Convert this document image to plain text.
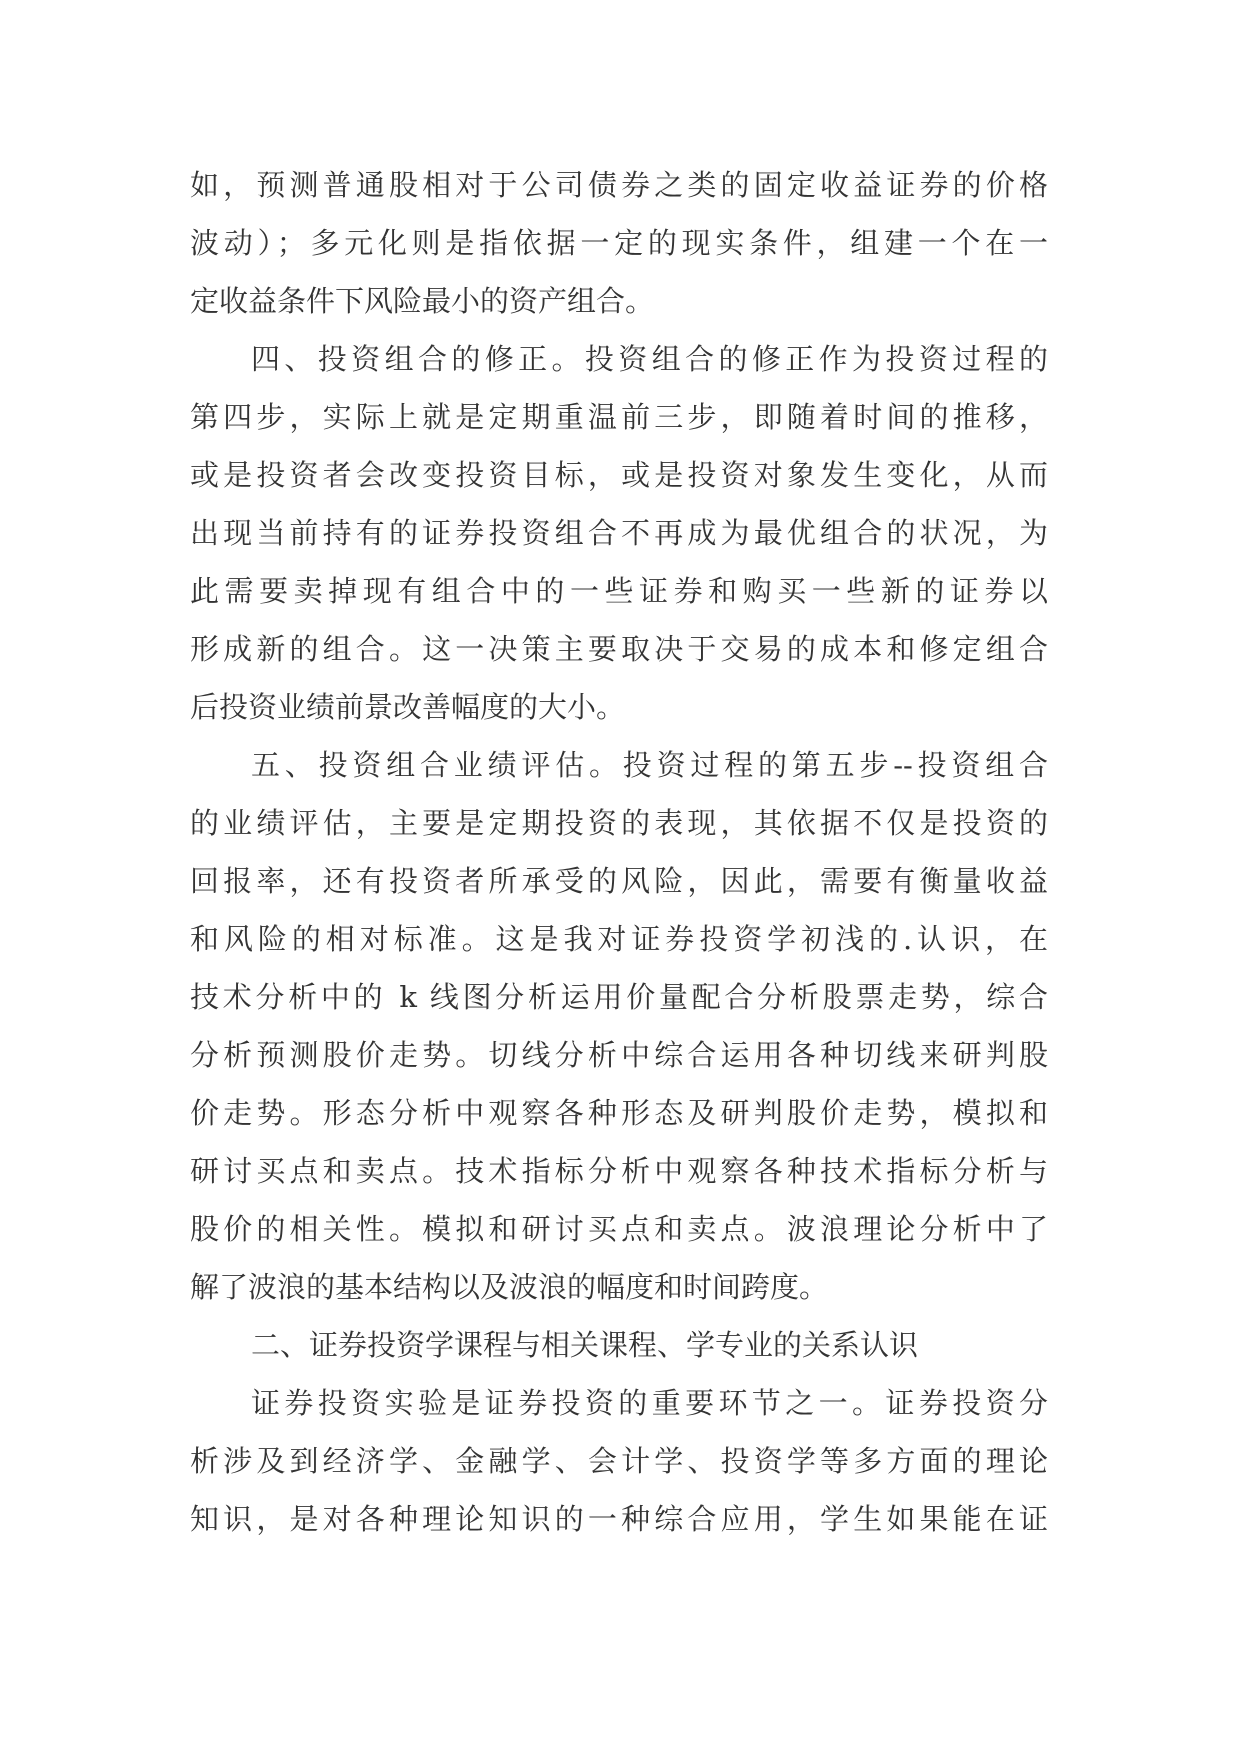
如，预测普通股相对于公司债券之类的固定收益证券的价格
波动）；多元化则是指依据一定的现实条件，组建一个在一
定收益条件下风险最小的资产组合。
四、投资组合的修正。投资组合的修正作为投资过程的
第四步，实际上就是定期重温前三步，即随着时间的推移，
或是投资者会改变投资目标，或是投资对象发生变化，从而
出现当前持有的证券投资组合不再成为最优组合的状况，为
此需要卖掉现有组合中的一些证券和购买一些新的证券以
形成新的组合。这一决策主要取决于交易的成本和修定组合
后投资业绩前景改善幅度的大小。
五、投资组合业绩评估。投资过程的第五步--投资组合
的业绩评估，主要是定期投资的表现，其依据不仅是投资的
回报率，还有投资者所承受的风险，因此，需要有衡量收益
和风险的相对标准。这是我对证券投资学初浅的.认识，在
技术分析中的 k 线图分析运用价量配合分析股票走势，综合
分析预测股价走势。切线分析中综合运用各种切线来研判股
价走势。形态分析中观察各种形态及研判股价走势，模拟和
研讨买点和卖点。技术指标分析中观察各种技术指标分析与
股价的相关性。模拟和研讨买点和卖点。波浪理论分析中了
解了波浪的基本结构以及波浪的幅度和时间跨度。
二、证券投资学课程与相关课程、学专业的关系认识
证券投资实验是证券投资的重要环节之一。证券投资分
析涉及到经济学、金融学、会计学、投资学等多方面的理论
知识，是对各种理论知识的一种综合应用，学生如果能在证
